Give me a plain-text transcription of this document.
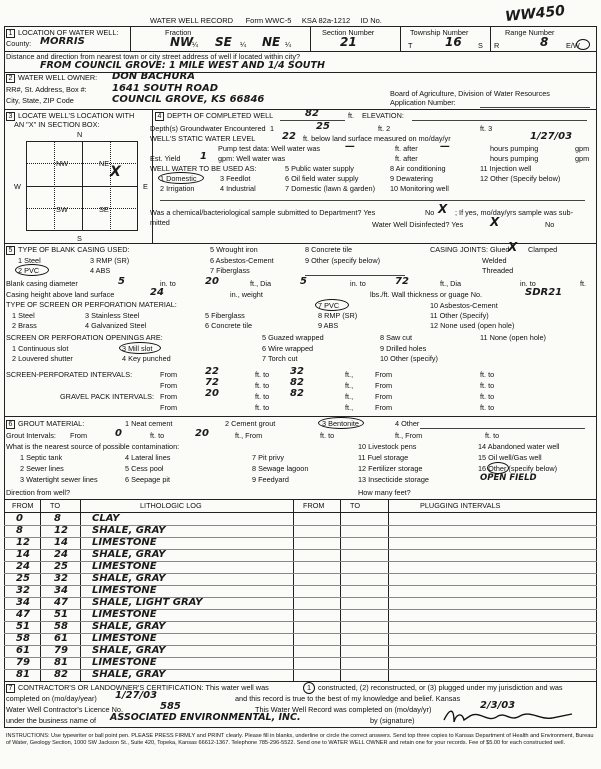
WW450
WATER WELL RECORD Form WWC-5 KSA 82a-1212 ID No.
1 LOCATION OF WATER WELL:
County: MORRIS
Fraction
NW
¼ SE ¼ NE ¼
Section Number
21
Township Number
T	16 S
Range Number
R	8 E/W
Distance and direction from nearest town or city street address of well if located within city?
FROM COUNCIL GROVE: 1 MILE WEST AND 1/4 SOUTH
2 WATER WELL OWNER: DON BACHURA
RR#, St. Address, Box #:	1641 SOUTH ROAD
City, State, ZIP Code	COUNCIL GROVE, KS 66846
Board of Agriculture, Division of Water Resources
Application Number:
3 LOCATE WELL'S LOCATION WITH
AN "X" IN SECTION BOX:
N
NW	NE
SW	SE
W	E
S
X
4 DEPTH OF COMPLETED WELL	82	ft. ELEVATION:
Depth(s) Groundwater Encountered 1	25	ft. 2	ft. 3
WELL'S STATIC WATER LEVEL	22 ft. below land surface measured on mo/day/yr	1/27/03
Pump test data: Well water was —	ft. after —	hours pumping	gpm
Est. Yield 1 gpm: Well water was	ft. after	hours pumping	gpm
WELL WATER TO BE USED AS:
1 Domestic	3 Feedlot
5 Public water supply	8 Air conditioning	11 Injection well
2 Irrigation	4 Industrial
6 Oil field water supply	9 Dewatering	12 Other (Specify below)
7 Domestic (lawn & garden) 10 Monitoring well
Was a chemical/bacteriological sample submitted to Department? Yes	No X ; If yes, mo/day/yrs sample was sub-
mitted	Water Well Disinfected? Yes X	No
5 TYPE OF BLANK CASING USED:
1 Steel	3 RMP (SR)
5 Wrought iron
6 Asbestos-Cement
7 Fiberglass
8 Concrete tile
9 Other (specify below)
2 PVC	4 ABS
CASING JOINTS: Glued
X Clamped
Welded
Threaded
Blank casing diameter	5	in. to	20	ft., Dia	5	in. to	72	ft., Dia	in. to	ft.
Casing height above land surface	24	in., weight	lbs./ft. Wall thickness or guage No.	SDR21
TYPE OF SCREEN OR PERFORATION MATERIAL:
1 Steel	3 Stainless Steel	5 Fiberglass
7 PVC	10 Asbestos-Cement
2 Brass	4 Galvanized Steel	6 Concrete tile
8 RMP (SR)	11 Other (Specify)
9 ABS	12 None used (open hole)
SCREEN OR PERFORATION OPENINGS ARE:	5 Guazed wrapped	8 Saw cut	11 None (open hole)
1 Continuous slot	3 Mill slot	6 Wire wrapped	9 Drilled holes
2 Louvered shutter	4 Key punched	7 Torch cut	10 Other (specify)
SCREEN-PERFORATED INTERVALS:	From	22	ft. to 32	ft.,	From	ft. to
From	72	ft. to 82	ft.,	From	ft. to
GRAVEL PACK INTERVALS: From	20	ft. to 82	ft.,	From	ft. to
From	ft. to	ft.,	From	ft. to
6 GROUT MATERIAL:	1 Neat cement	2 Cement grout	3 Bentonite	4 Other
Grout Intervals: From	0	ft. to	20	ft., From	ft. to	ft., From	ft. to
What is the nearest source of possible contamination:
1 Septic tank	4 Lateral lines	7 Pit privy
10 Livestock pens	14 Abandoned water well
2 Sewer lines	5 Cess pool	8 Sewage lagoon
11 Fuel storage	15 Oil well/Gas well
3 Watertight sewer lines	6 Seepage pit	9 Feedyard
12 Fertilizer storage	16 Other (specify below)
13 Insecticide storage	OPEN FIELD
Direction from well?	How many feet?
FROM TO	LITHOLOGIC LOG	FROM	TO	PLUGGING INTERVALS
0	8	CLAY
8	12 SHALE, GRAY
12 14 LIMESTONE
14 24 SHALE, GRAY
24 25 LIMESTONE
25 32 SHALE, GRAY
32 34 LIMESTONE
34 47 SHALE, LIGHT GRAY
47 51 LIMESTONE
51 58 SHALE, GRAY
58 61 LIMESTONE
61 79 SHALE, GRAY
79 81 LIMESTONE
81 82 SHALE, GRAY
7 CONTRACTOR'S OR LANDOWNER'S CERTIFICATION: This water well was	1 constructed, (2) reconstructed, or (3) plugged under my jurisdiction and was
completed on (mo/day/year) 1/27/03	and this record is true to the best of my knowledge and belief. Kansas
Water Well Contractor's Licence No.	585	This Water Well Record was completed on (mo/day/yr)	2/3/03
under the business name of ASSOCIATED ENVIRONMENTAL, INC.	by (signature)
INSTRUCTIONS: Use typewriter or ball point pen. PLEASE PRESS FIRMLY and PRINT clearly. Please fill in blanks, underline or circle the correct answers. Send top three copies to Kansas Department of Health and Environment, Bureau of Water, Geology Section, 1000 SW Jackson St., Suite 420, Topeka, Kansas 66612-1367. Telephone 785-296-5522. Send one to WATER WELL OWNER and retain one for your records. Fee of $5.00 for each constructed well.
